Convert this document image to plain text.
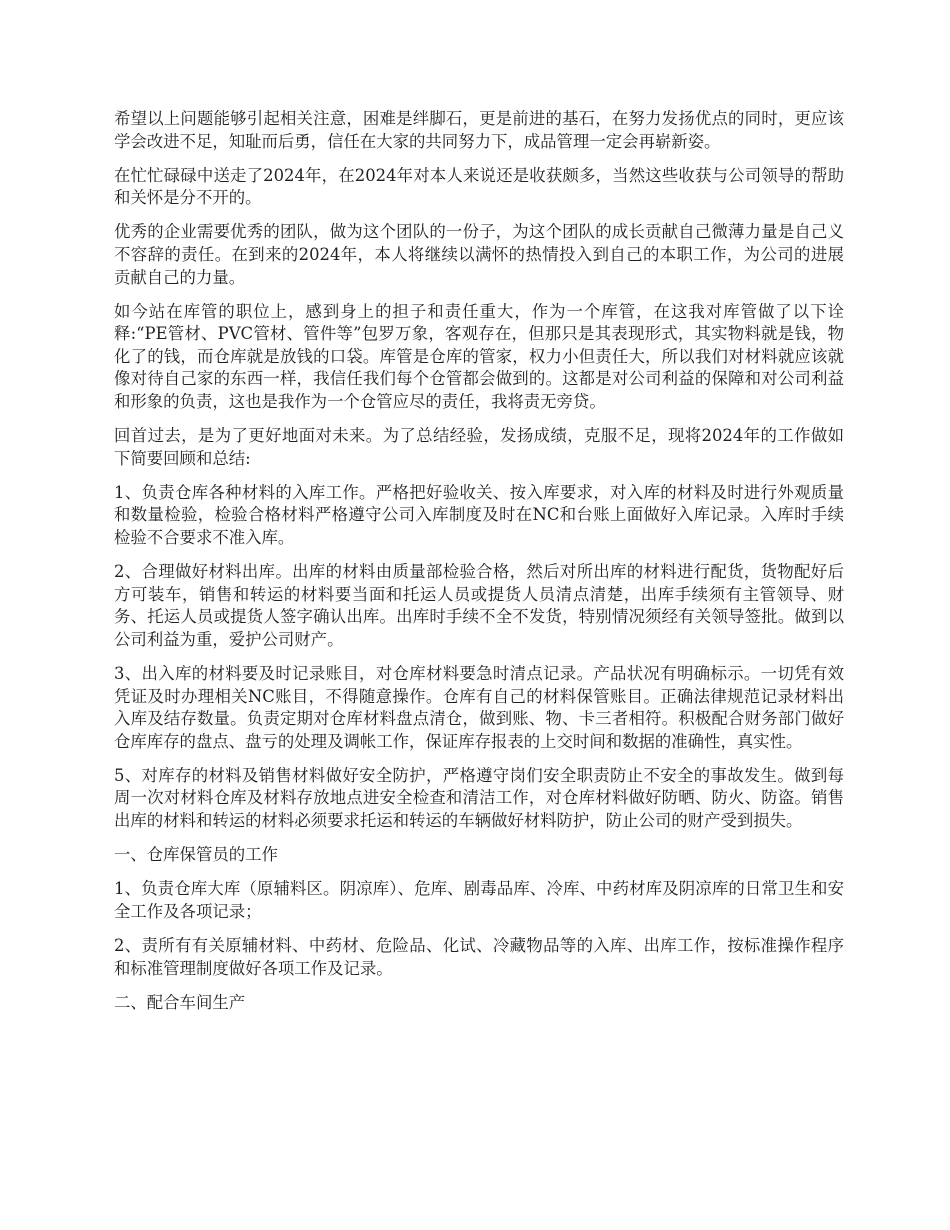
希望以上问题能够引起相关注意，困难是绊脚石，更是前进的基石，在努力发扬优点的同时，更应该学会改进不足，知耻而后勇，信任在大家的共同努力下，成品管理一定会再崭新姿。

在忙忙碌碌中送走了2024年，在2024年对本人来说还是收获颇多，当然这些收获与公司领导的帮助和关怀是分不开的。

优秀的企业需要优秀的团队，做为这个团队的一份子，为这个团队的成长贡献自己微薄力量是自己义不容辞的责任。在到来的2024年，本人将继续以满怀的热情投入到自己的本职工作，为公司的进展贡献自己的力量。

如今站在库管的职位上，感到身上的担子和责任重大，作为一个库管，在这我对库管做了以下诠释:“PE管材、PVC管材、管件等”包罗万象，客观存在，但那只是其表现形式，其实物料就是钱，物化了的钱，而仓库就是放钱的口袋。库管是仓库的管家，权力小但责任大，所以我们对材料就应该就像对待自己家的东西一样，我信任我们每个仓管都会做到的。这都是对公司利益的保障和对公司利益和形象的负责，这也是我作为一个仓管应尽的责任，我将责无旁贷。

回首过去，是为了更好地面对未来。为了总结经验，发扬成绩，克服不足，现将2024年的工作做如下简要回顾和总结:

1、负责仓库各种材料的入库工作。严格把好验收关、按入库要求，对入库的材料及时进行外观质量和数量检验，检验合格材料严格遵守公司入库制度及时在NC和台账上面做好入库记录。入库时手续检验不合要求不准入库。

2、合理做好材料出库。出库的材料由质量部检验合格，然后对所出库的材料进行配货，货物配好后方可装车，销售和转运的材料要当面和托运人员或提货人员清点清楚，出库手续须有主管领导、财务、托运人员或提货人签字确认出库。出库时手续不全不发货，特别情况须经有关领导签批。做到以公司利益为重，爱护公司财产。

3、出入库的材料要及时记录账目，对仓库材料要急时清点记录。产品状况有明确标示。一切凭有效凭证及时办理相关NC账目，不得随意操作。仓库有自己的材料保管账目。正确法律规范记录材料出入库及结存数量。负责定期对仓库材料盘点清仓，做到账、物、卡三者相符。积极配合财务部门做好仓库库存的盘点、盘亏的处理及调帐工作，保证库存报表的上交时间和数据的准确性，真实性。

5、对库存的材料及销售材料做好安全防护，严格遵守岗们安全职责防止不安全的事故发生。做到每周一次对材料仓库及材料存放地点进安全检查和清洁工作，对仓库材料做好防晒、防火、防盗。销售出库的材料和转运的材料必须要求托运和转运的车辆做好材料防护，防止公司的财产受到损失。

一、仓库保管员的工作

1、负责仓库大库（原辅料区。阴凉库）、危库、剧毒品库、冷库、中药材库及阴凉库的日常卫生和安全工作及各项记录；

2、责所有有关原辅材料、中药材、危险品、化试、冷藏物品等的入库、出库工作，按标准操作程序和标准管理制度做好各项工作及记录。

二、配合车间生产
